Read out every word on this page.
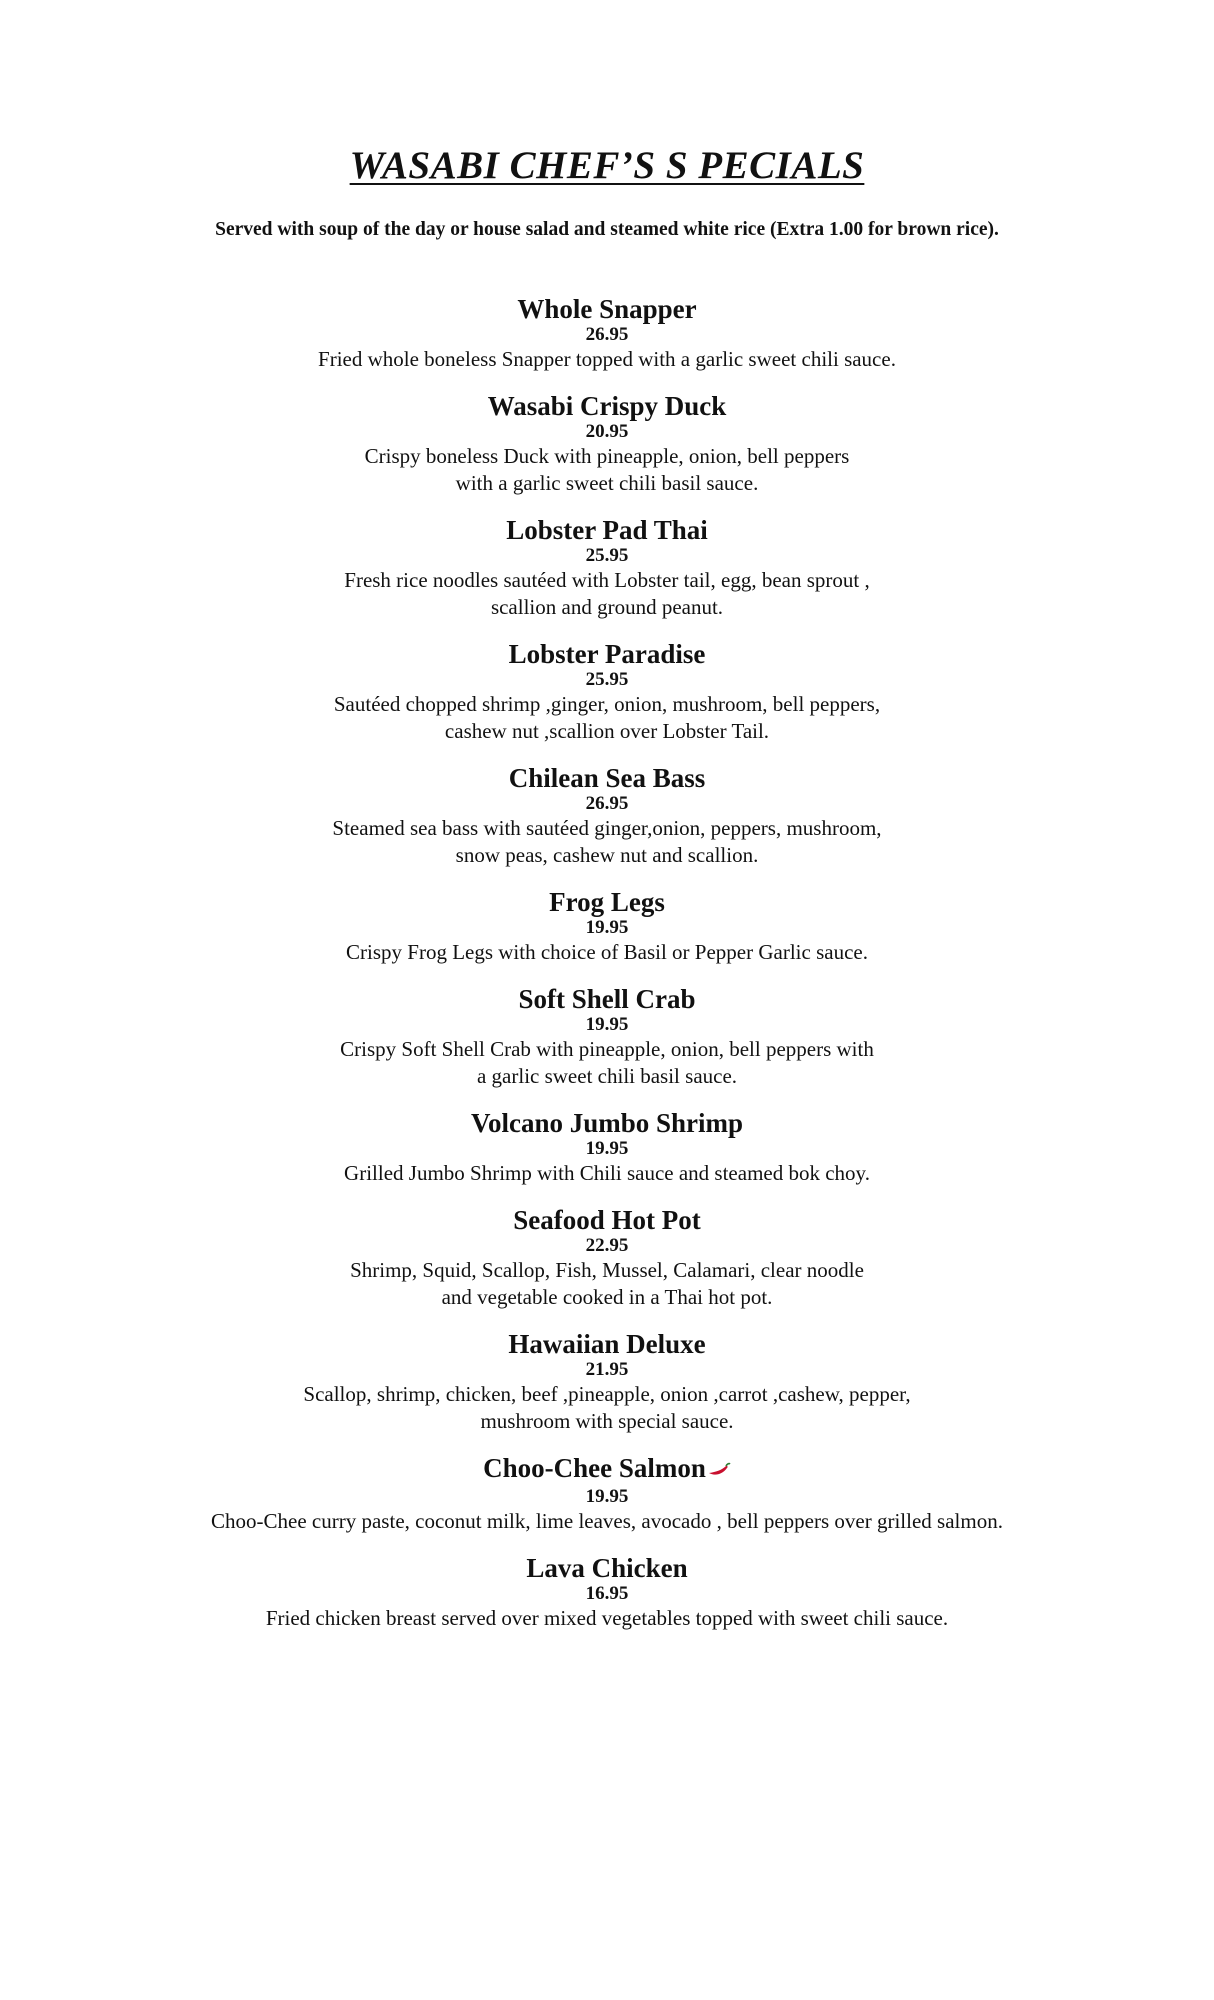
WASABI CHEF’S S PECIALS

Served with soup of the day or house salad and steamed white rice (Extra 1.00 for brown rice).

Whole Snapper
26.95
Fried whole boneless Snapper topped with a garlic sweet chili sauce.
Wasabi Crispy Duck
20.95
Crispy boneless Duck with pineapple, onion, bell peppers
with a garlic sweet chili basil sauce.
Lobster Pad Thai
25.95
Fresh rice noodles sautéed with Lobster tail, egg, bean sprout ,
scallion and ground peanut.
Lobster Paradise
25.95
Sautéed chopped shrimp ,ginger, onion, mushroom, bell peppers,
cashew nut ,scallion over Lobster Tail.
Chilean Sea Bass
26.95
Steamed sea bass with sautéed ginger,onion, peppers, mushroom,
snow peas, cashew nut and scallion.
Frog Legs
19.95
Crispy Frog Legs with choice of Basil or Pepper Garlic sauce.
Soft Shell Crab
19.95
Crispy Soft Shell Crab with pineapple, onion, bell peppers with
a garlic sweet chili basil sauce.
Volcano Jumbo Shrimp
19.95
Grilled Jumbo Shrimp with Chili sauce and steamed bok choy.
Seafood Hot Pot
22.95
Shrimp, Squid, Scallop, Fish, Mussel, Calamari, clear noodle
and vegetable cooked in a Thai hot pot.
Hawaiian Deluxe
21.95
Scallop, shrimp, chicken, beef ,pineapple, onion ,carrot ,cashew, pepper,
mushroom with special sauce.
Choo-Chee Salmon
19.95
Choo-Chee curry paste, coconut milk, lime leaves, avocado , bell peppers over grilled salmon.
Lava Chicken
16.95
Fried chicken breast served over mixed vegetables topped with sweet chili sauce.
